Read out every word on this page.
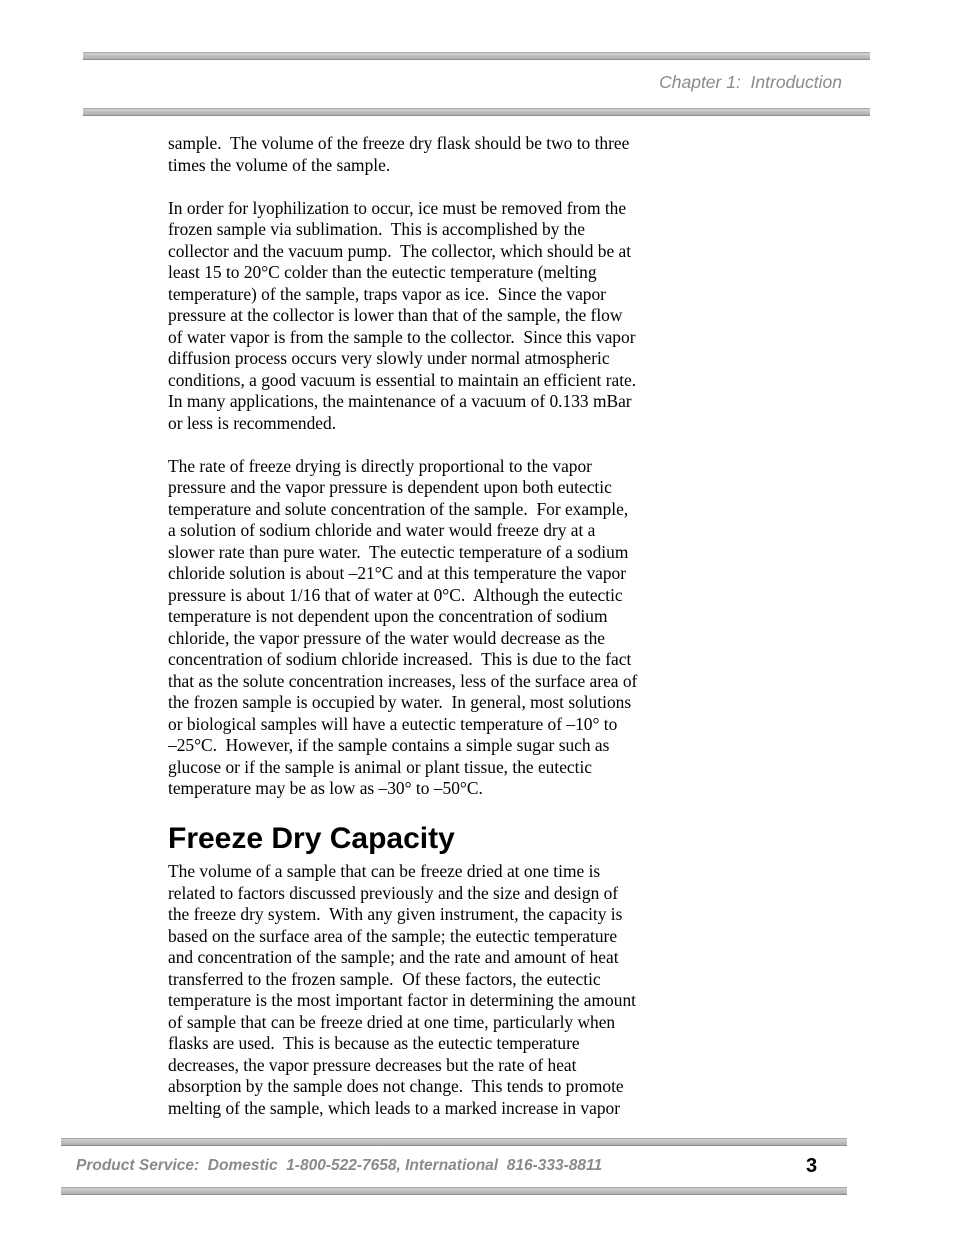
Chapter 1:  Introduction
sample.  The volume of the freeze dry flask should be two to three
times the volume of the sample.
In order for lyophilization to occur, ice must be removed from the
frozen sample via sublimation.  This is accomplished by the
collector and the vacuum pump.  The collector, which should be at
least 15 to 20°C colder than the eutectic temperature (melting
temperature) of the sample, traps vapor as ice.  Since the vapor
pressure at the collector is lower than that of the sample, the flow
of water vapor is from the sample to the collector.  Since this vapor
diffusion process occurs very slowly under normal atmospheric
conditions, a good vacuum is essential to maintain an efficient rate.
In many applications, the maintenance of a vacuum of 0.133 mBar
or less is recommended.
The rate of freeze drying is directly proportional to the vapor
pressure and the vapor pressure is dependent upon both eutectic
temperature and solute concentration of the sample.  For example,
a solution of sodium chloride and water would freeze dry at a
slower rate than pure water.  The eutectic temperature of a sodium
chloride solution is about –21°C and at this temperature the vapor
pressure is about 1/16 that of water at 0°C.  Although the eutectic
temperature is not dependent upon the concentration of sodium
chloride, the vapor pressure of the water would decrease as the
concentration of sodium chloride increased.  This is due to the fact
that as the solute concentration increases, less of the surface area of
the frozen sample is occupied by water.  In general, most solutions
or biological samples will have a eutectic temperature of –10° to
–25°C.  However, if the sample contains a simple sugar such as
glucose or if the sample is animal or plant tissue, the eutectic
temperature may be as low as –30° to –50°C.
Freeze Dry Capacity
The volume of a sample that can be freeze dried at one time is
related to factors discussed previously and the size and design of
the freeze dry system.  With any given instrument, the capacity is
based on the surface area of the sample; the eutectic temperature
and concentration of the sample; and the rate and amount of heat
transferred to the frozen sample.  Of these factors, the eutectic
temperature is the most important factor in determining the amount
of sample that can be freeze dried at one time, particularly when
flasks are used.  This is because as the eutectic temperature
decreases, the vapor pressure decreases but the rate of heat
absorption by the sample does not change.  This tends to promote
melting of the sample, which leads to a marked increase in vapor
Product Service:  Domestic  1-800-522-7658, International  816-333-8811	3
